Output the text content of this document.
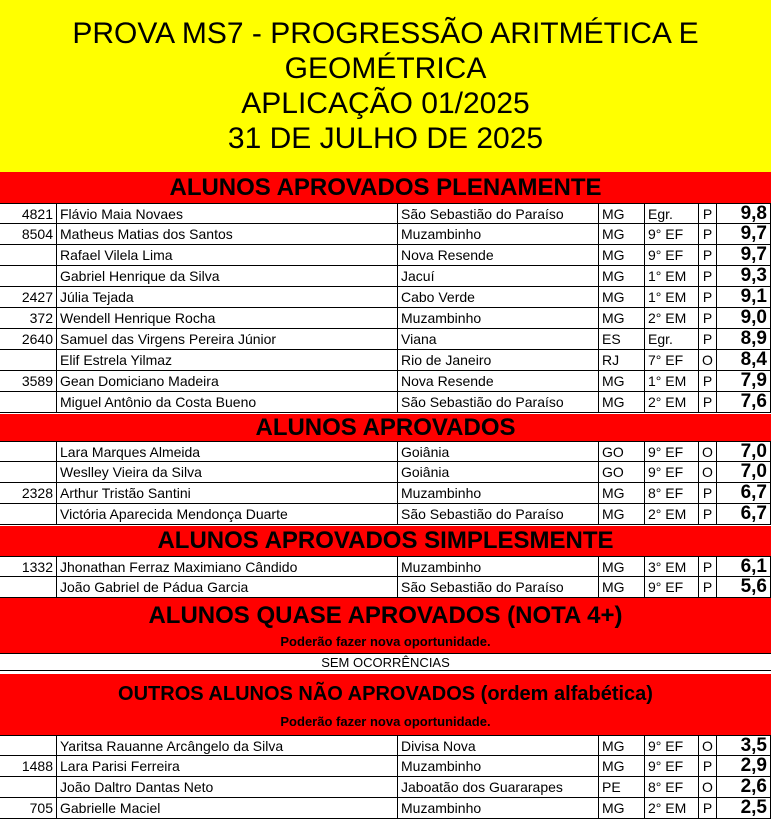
PROVA MS7 - PROGRESSÃO ARITMÉTICA E
GEOMÉTRICA
APLICAÇÃO 01/2025
31 DE JULHO DE 2025
ALUNOS APROVADOS PLENAMENTE
4821 Flávio Maia Novaes	São Sebastião do Paraíso	MG	Egr.	P	9,8
8504 Matheus Matias dos Santos	Muzambinho	MG	9° EF	P	9,7
Rafael Vilela Lima	Nova Resende	MG	9° EF	P	9,7
Gabriel Henrique da Silva	Jacuí	MG	1° EM	P	9,3
2427 Júlia Tejada	Cabo Verde	MG	1° EM	P	9,1
372 Wendell Henrique Rocha	Muzambinho	MG	2° EM	P	9,0
2640 Samuel das Virgens Pereira Júnior	Viana	ES	Egr.	P	8,9
Elif Estrela Yilmaz	Rio de Janeiro	RJ	7° EF	O	8,4
3589 Gean Domiciano Madeira	Nova Resende	MG	1° EM	P	7,9
Miguel Antônio da Costa Bueno	São Sebastião do Paraíso	MG	2° EM	P	7,6
ALUNOS APROVADOS
Lara Marques Almeida	Goiânia	GO	9° EF	O	7,0
Weslley Vieira da Silva	Goiânia	GO	9° EF	O	7,0
2328 Arthur Tristão Santini	Muzambinho	MG	8° EF	P	6,7
Victória Aparecida Mendonça Duarte	São Sebastião do Paraíso	MG	2° EM	P	6,7
ALUNOS APROVADOS SIMPLESMENTE
1332 Jhonathan Ferraz Maximiano Cândido	Muzambinho	MG	3° EM	P	6,1
João Gabriel de Pádua Garcia	São Sebastião do Paraíso	MG	9° EF	P	5,6
ALUNOS QUASE APROVADOS (NOTA 4+)
Poderão fazer nova oportunidade.
SEM OCORRÊNCIAS
OUTROS ALUNOS NÃO APROVADOS (ordem alfabética)
Poderão fazer nova oportunidade.
Yaritsa Rauanne Arcângelo da Silva	Divisa Nova	MG	9° EF	O	3,5
1488 Lara Parisi Ferreira	Muzambinho	MG	9° EF	P	2,9
João Daltro Dantas Neto	Jaboatão dos Guararapes	PE	8° EF	O	2,6
705 Gabrielle Maciel	Muzambinho	MG	2° EM	P	2,5
